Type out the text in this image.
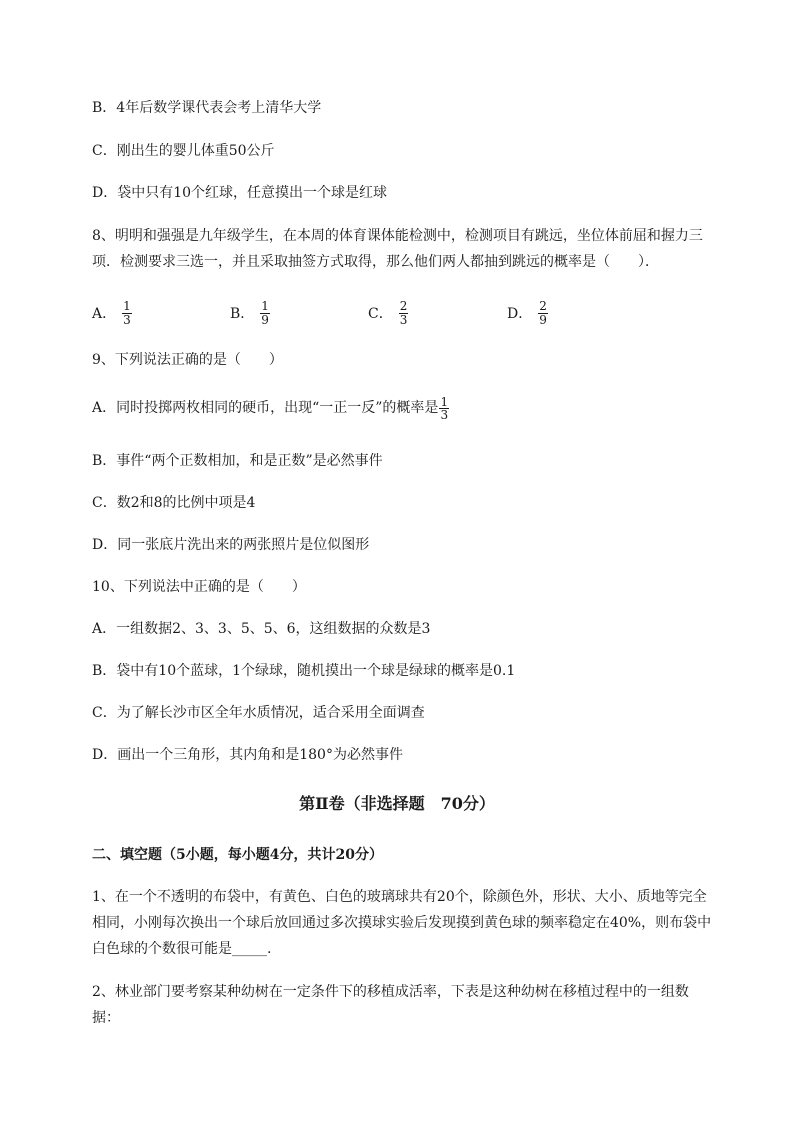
B．4年后数学课代表会考上清华大学
C．刚出生的婴儿体重50公斤
D．袋中只有10个红球，任意摸出一个球是红球
8、明明和强强是九年级学生，在本周的体育课体能检测中，检测项目有跳远，坐位体前屈和握力三
项．检测要求三选一，并且采取抽签方式取得，那么他们两人都抽到跳远的概率是（　　）．
A． $\frac{1}{3}$	B． $\frac{1}{9}$	C． $\frac{2}{3}$	D． $\frac{2}{9}$
9、下列说法正确的是（　　）
A．同时投掷两枚相同的硬币，出现“一正一反”的概率是 $\frac{1}{3}$
B．事件“两个正数相加，和是正数”是必然事件
C．数2和8的比例中项是4
D．同一张底片洗出来的两张照片是位似图形
10、下列说法中正确的是（　　）
A．一组数据2、3、3、5、5、6，这组数据的众数是3
B．袋中有10个蓝球，1个绿球，随机摸出一个球是绿球的概率是0.1
C．为了解长沙市区全年水质情况，适合采用全面调查
D．画出一个三角形，其内角和是180°为必然事件
第Ⅱ卷（非选择题　70分）
二、填空题（5小题，每小题4分，共计20分）
1、在一个不透明的布袋中，有黄色、白色的玻璃球共有20个，除颜色外，形状、大小、质地等完全
相同，小刚每次换出一个球后放回通过多次摸球实验后发现摸到黄色球的频率稳定在40%，则布袋中
白色球的个数很可能是_____.
2、林业部门要考察某种幼树在一定条件下的移植成活率，下表是这种幼树在移植过程中的一组数
据：
